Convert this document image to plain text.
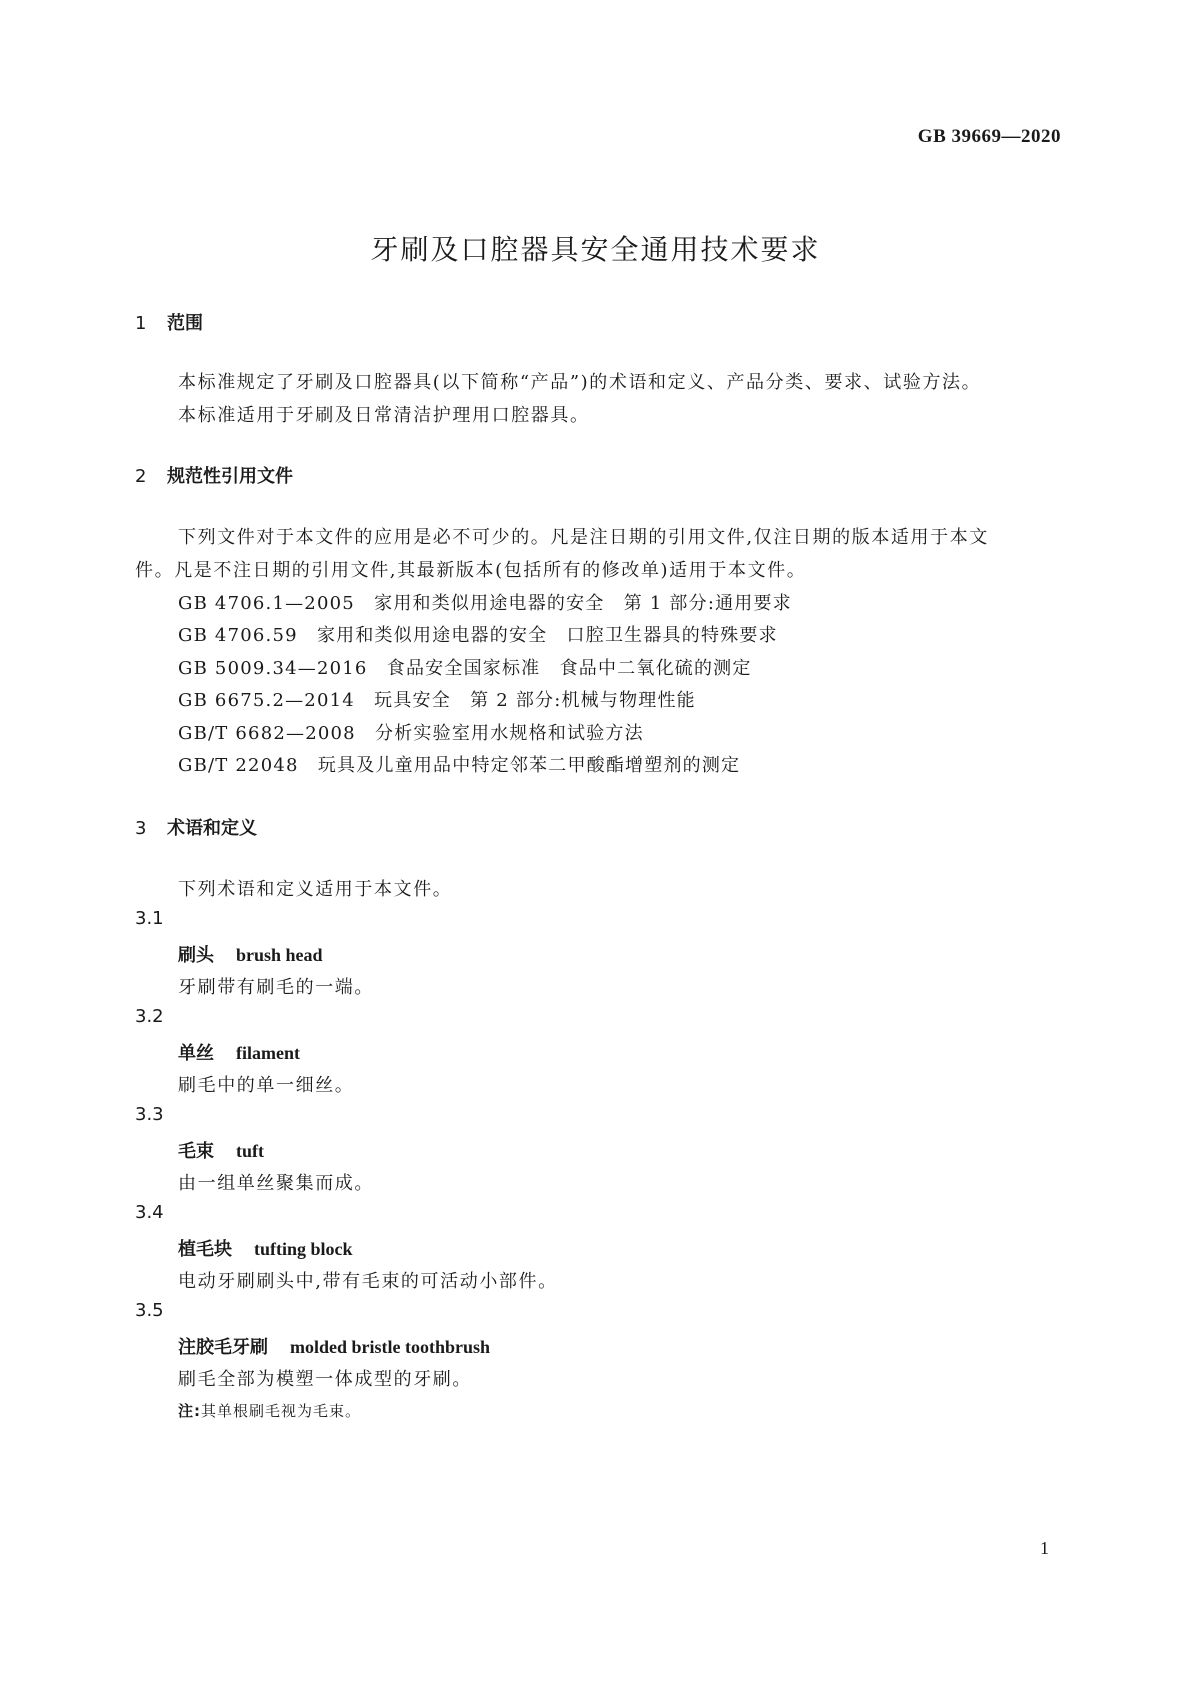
GB 39669—2020
牙刷及口腔器具安全通用技术要求
1 范围
本标准规定了牙刷及口腔器具(以下简称“产品”)的术语和定义、产品分类、要求、试验方法。
本标准适用于牙刷及日常清洁护理用口腔器具。
2 规范性引用文件
下列文件对于本文件的应用是必不可少的。凡是注日期的引用文件,仅注日期的版本适用于本文
件。凡是不注日期的引用文件,其最新版本(包括所有的修改单)适用于本文件。
GB 4706.1—2005　家用和类似用途电器的安全　第 1 部分:通用要求
GB 4706.59　家用和类似用途电器的安全　口腔卫生器具的特殊要求
GB 5009.34—2016　食品安全国家标准　食品中二氧化硫的测定
GB 6675.2—2014　玩具安全　第 2 部分:机械与物理性能
GB/T 6682—2008　分析实验室用水规格和试验方法
GB/T 22048　玩具及儿童用品中特定邻苯二甲酸酯增塑剂的测定
3 术语和定义
下列术语和定义适用于本文件。
3.1
刷头 brush head
牙刷带有刷毛的一端。
3.2
单丝 filament
刷毛中的单一细丝。
3.3
毛束 tuft
由一组单丝聚集而成。
3.4
植毛块 tufting block
电动牙刷刷头中,带有毛束的可活动小部件。
3.5
注胶毛牙刷 molded bristle toothbrush
刷毛全部为模塑一体成型的牙刷。
注:其单根刷毛视为毛束。
1
